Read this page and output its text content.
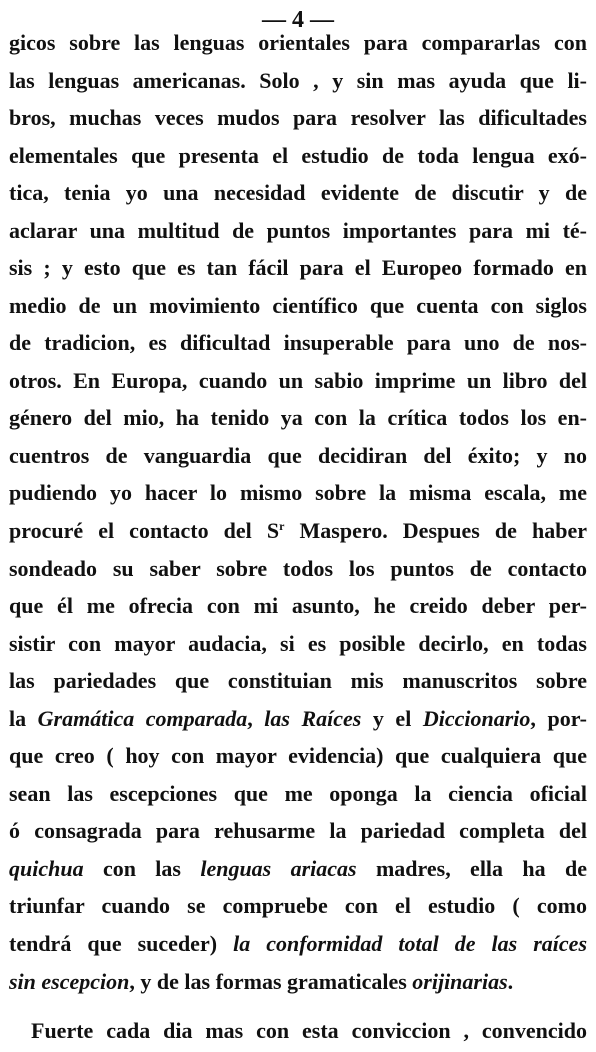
— 4 —
gicos sobre las lenguas orientales para compararlas con
las lenguas americanas. Solo , y sin mas ayuda que li-
bros, muchas veces mudos para resolver las dificultades
elementales que presenta el estudio de toda lengua exó-
tica, tenia yo una necesidad evidente de discutir y de
aclarar una multitud de puntos importantes para mi té-
sis ; y esto que es tan fácil para el Europeo formado en
medio de un movimiento científico que cuenta con siglos
de tradicion, es dificultad insuperable para uno de nos-
otros. En Europa, cuando un sabio imprime un libro del
género del mio, ha tenido ya con la crítica todos los en-
cuentros de vanguardia que decidiran del éxito; y no
pudiendo yo hacer lo mismo sobre la misma escala, me
procuré el contacto del $S^r$ Maspero. Despues de haber
sondeado su saber sobre todos los puntos de contacto
que él me ofrecia con mi asunto, he creido deber per-
sistir con mayor audacia, si es posible decirlo, en todas
las pariedades que constituian mis manuscritos sobre
la Gramática comparada, las Raíces y el Diccionario, por-
que creo ( hoy con mayor evidencia) que cualquiera que
sean las escepciones que me oponga la ciencia oficial
ó consagrada para rehusarme la pariedad completa del
quichua con las lenguas ariacas madres, ella ha de
triunfar cuando se compruebe con el estudio ( como
tendrá que suceder) la conformidad total de las raíces
sin escepcion, y de las formas gramaticales orijinarias.
Fuerte cada dia mas con esta conviccion , convencido
